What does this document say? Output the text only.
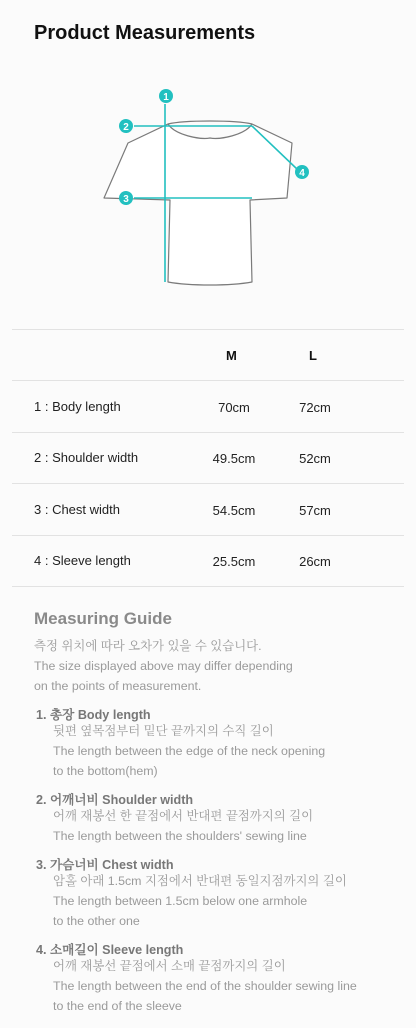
Product Measurements
1
2
3
4
M	L
1 : Body length	70cm	72cm
2 : Shoulder width	49.5cm	52cm
3 : Chest width	54.5cm	57cm
4 : Sleeve length	25.5cm	26cm
Measuring Guide
측정 위치에 따라 오차가 있을 수 있습니다.
The size displayed above may differ depending
on the points of measurement.
1. 총장 Body length
뒷편 옆목점부터 밑단 끝까지의 수직 길이
The length between the edge of the neck opening
to the bottom(hem)
2. 어깨너비 Shoulder width
어깨 재봉선 한 끝점에서 반대편 끝점까지의 길이
The length between the shoulders' sewing line
3. 가슴너비 Chest width
암홀 아래 1.5cm 지점에서 반대편 동일지점까지의 길이
The length between 1.5cm below one armhole
to the other one
4. 소매길이 Sleeve length
어깨 재봉선 끝점에서 소매 끝점까지의 길이
The length between the end of the shoulder sewing line
to the end of the sleeve
